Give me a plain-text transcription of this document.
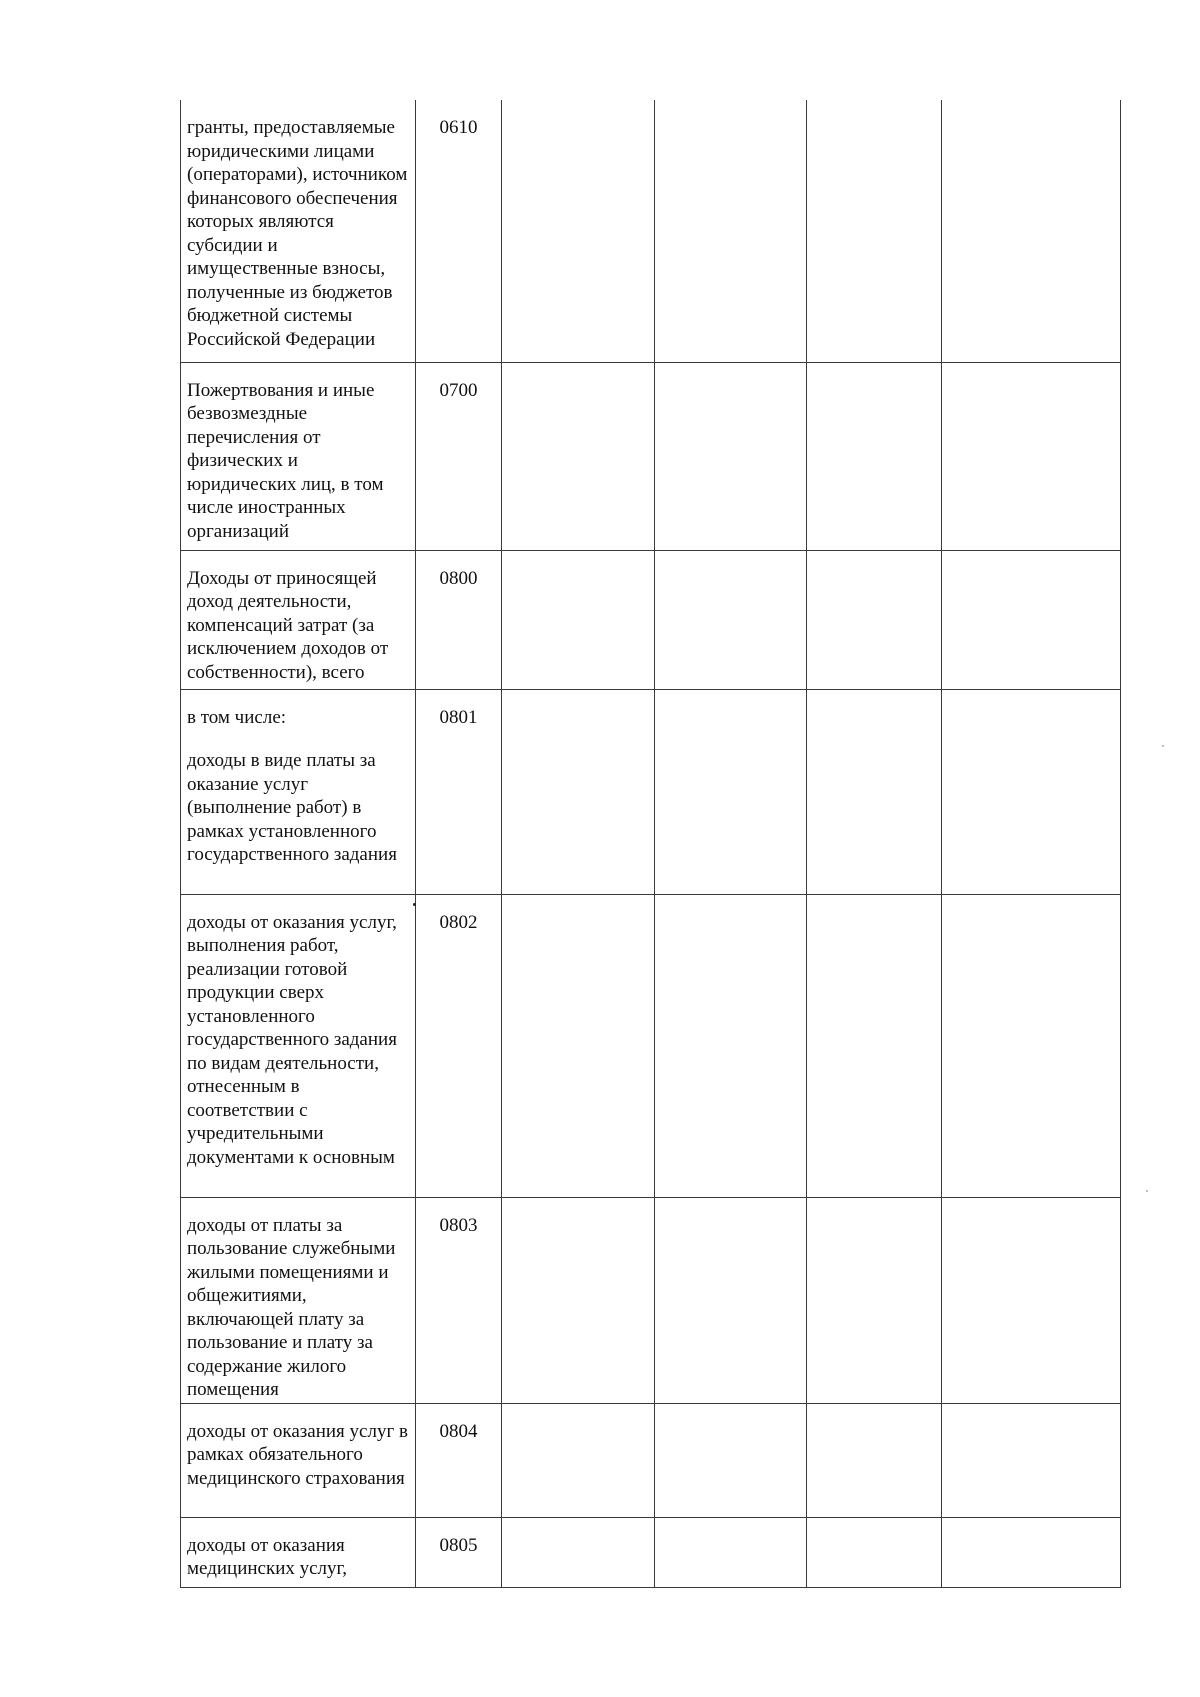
гранты, предоставляемые юридическими лицами (операторами), источником финансового обеспечения которых являются субсидии и имущественные взносы, полученные из бюджетов бюджетной системы Российской Федерации	0610				
Пожертвования и иные безвозмездные перечисления от физических и юридических лиц, в том числе иностранных организаций	0700				
Доходы от приносящей доход деятельности, компенсаций затрат (за исключением доходов от собственности), всего	0800				

в том числе:
доходы в виде платы за оказание услуг (выполнение работ) в рамках установленного государственного задания	0801				
доходы от оказания услуг, выполнения работ, реализации готовой продукции сверх установленного государственного задания по видам деятельности, отнесенным в соответствии с учредительными документами к основным	0802				
доходы от платы за пользование служебными жилыми помещениями и общежитиями, включающей плату за пользование и плату за содержание жилого помещения	0803				
доходы от оказания услуг в рамках обязательного медицинского страхования	0804				
доходы от оказания медицинских услуг,	0805				
